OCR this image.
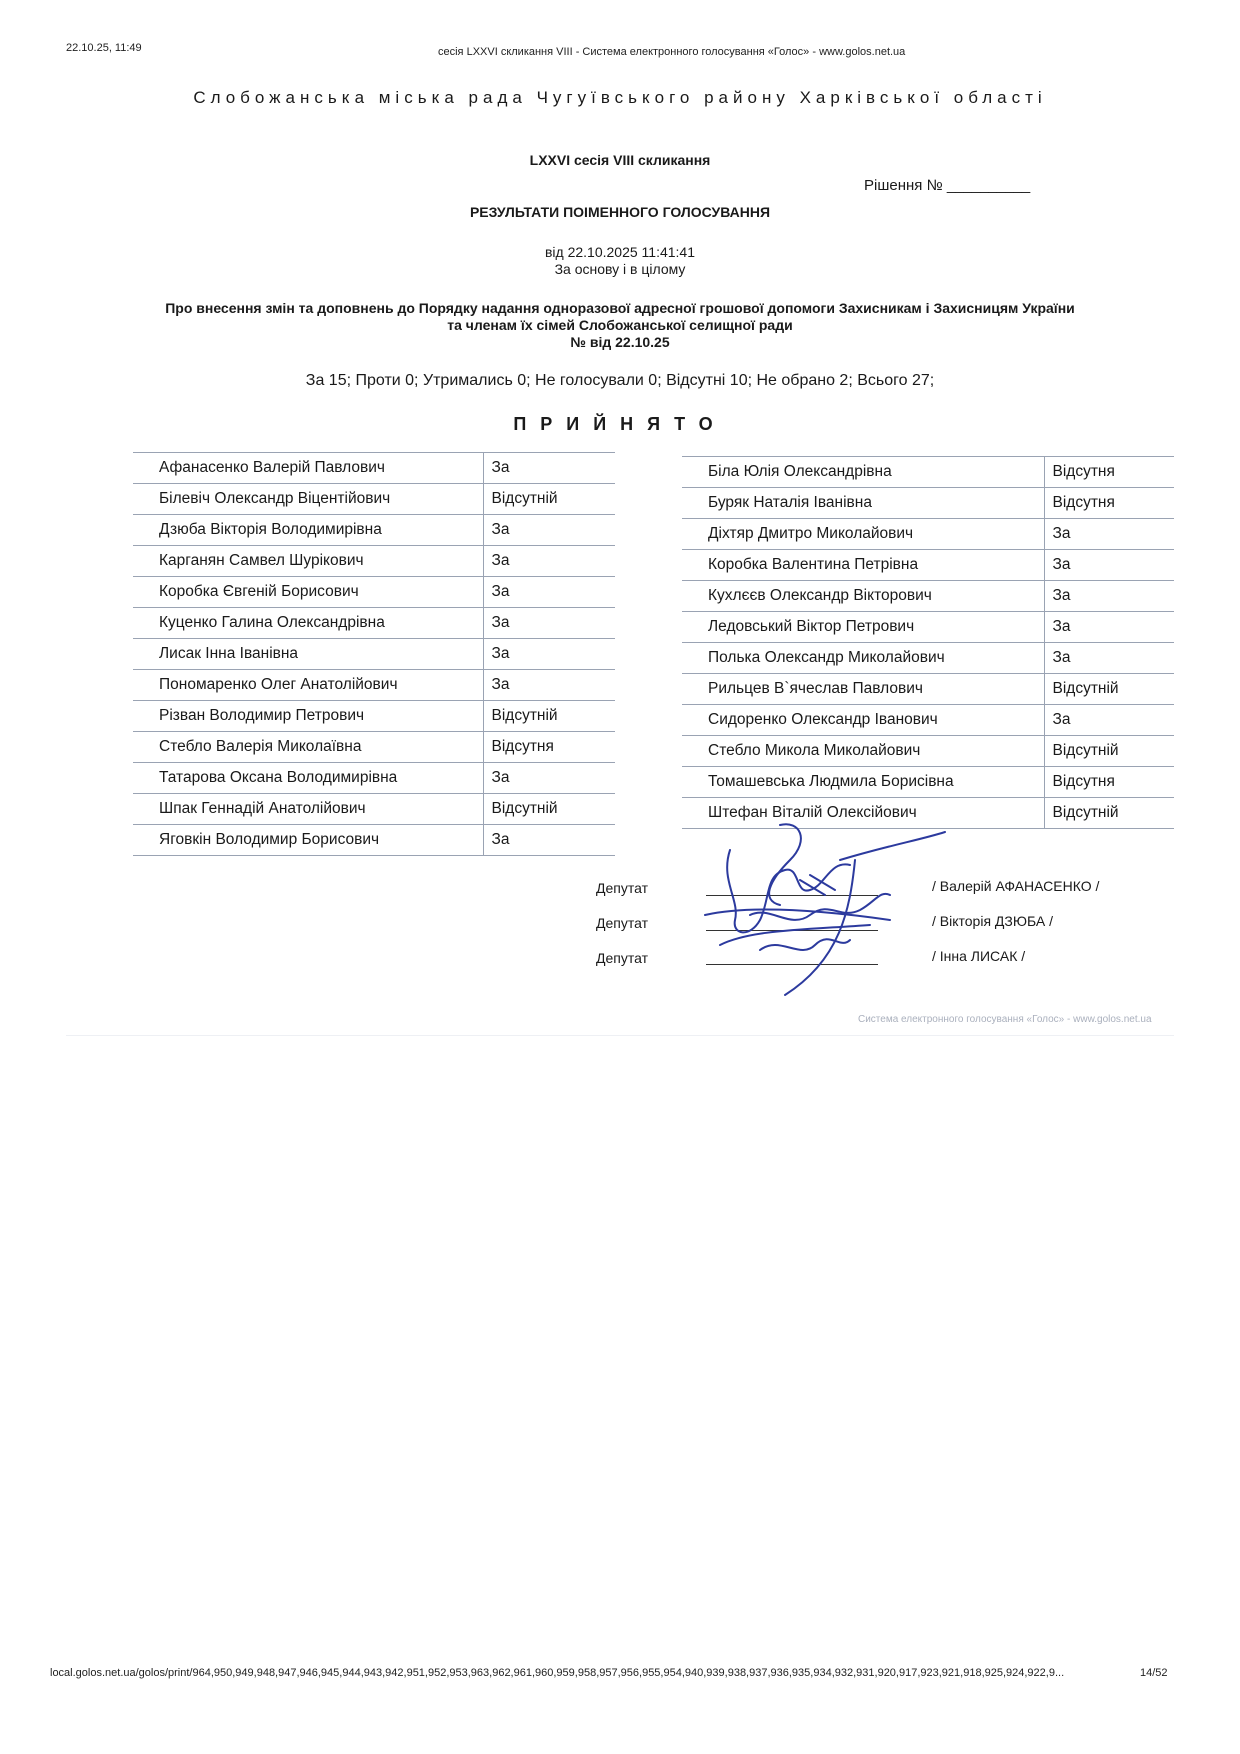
22.10.25, 11:49	сесія LXXVI скликання VIII - Система електронного голосування «Голос» - www.golos.net.ua
Слобожанська міська рада Чугуївського району Харківської області
LXXVI сесія VIII скликання
Рішення № __________
РЕЗУЛЬТАТИ ПОІМЕННОГО ГОЛОСУВАННЯ
від 22.10.2025 11:41:41
За основу і в цілому
Про внесення змін та доповнень до Порядку надання одноразової адресної грошової допомоги Захисникам і Захисницям України
та членам їх сімей Слобожанської селищної ради
№ від 22.10.25
За 15; Проти 0; Утримались 0; Не голосували 0; Відсутні 10; Не обрано 2; Всього 27;
ПРИЙНЯТО
Афанасенко Валерій Павлович	За
Білевіч Олександр Віцентійович	Відсутній
Дзюба Вікторія Володимирівна	За
Карганян Самвел Шурікович	За
Коробка Євгеній Борисович	За
Куценко Галина Олександрівна	За
Лисак Інна Іванівна	За
Пономаренко Олег Анатолійович	За
Різван Володимир Петрович	Відсутній
Стебло Валерія Миколаївна	Відсутня
Татарова Оксана Володимирівна	За
Шпак Геннадій Анатолійович	Відсутній
Яговкін Володимир Борисович	За
Біла Юлія Олександрівна	Відсутня
Буряк Наталія Іванівна	Відсутня
Діхтяр Дмитро Миколайович	За
Коробка Валентина Петрівна	За
Кухлєєв Олександр Вікторович	За
Ледовський Віктор Петрович	За
Полька Олександр Миколайович	За
Рильцев В`ячеслав Павлович	Відсутній
Сидоренко Олександр Іванович	За
Стебло Микола Миколайович	Відсутній
Томашевська Людмила Борисівна	Відсутня
Штефан Віталій Олексійович	Відсутній
Депутат	/ Валерій АФАНАСЕНКО /
Депутат	/ Вікторія ДЗЮБА /
Депутат	/ Інна ЛИСАК /
Система електронного голосування «Голос» - www.golos.net.ua
local.golos.net.ua/golos/print/964,950,949,948,947,946,945,944,943,942,951,952,953,963,962,961,960,959,958,957,956,955,954,940,939,938,937,936,935,934,932,931,920,917,923,921,918,925,924,922,9...	14/52
